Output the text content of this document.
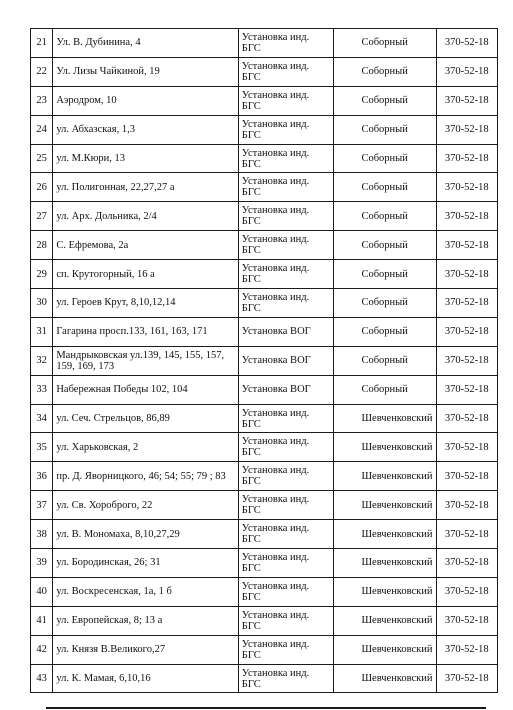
21	Ул. В. Дубинина, 4	Установка инд. БГС	Соборный	370-52-18
22	Ул. Лизы Чайкиной, 19	Установка инд. БГС	Соборный	370-52-18
23	Аэродром, 10	Установка инд. БГС	Соборный	370-52-18
24	ул. Абхазская, 1,3	Установка инд. БГС	Соборный	370-52-18
25	ул. М.Кюри, 13	Установка инд. БГС	Соборный	370-52-18
26	ул. Полигонная, 22,27,27 а	Установка инд. БГС	Соборный	370-52-18
27	ул. Арх. Дольника, 2/4	Установка инд. БГС	Соборный	370-52-18
28	С. Ефремова, 2а	Установка инд. БГС	Соборный	370-52-18
29	сп. Крутогорный, 16 а	Установка инд. БГС	Соборный	370-52-18
30	ул. Героев Крут, 8,10,12,14	Установка инд. БГС	Соборный	370-52-18
31	Гагарина просп.133, 161, 163, 171	Установка ВОГ	Соборный	370-52-18
32	Мандрыковская ул.139, 145, 155, 157, 159, 169, 173	Установка ВОГ	Соборный	370-52-18
33	Набережная Победы 102, 104	Установка ВОГ	Соборный	370-52-18
34	ул. Сеч. Стрельцов, 86,89	Установка инд. БГС	Шевченковский	370-52-18
35	ул. Харьковская, 2	Установка инд. БГС	Шевченковский	370-52-18
36	пр. Д. Яворницкого, 46; 54; 55; 79 ; 83	Установка инд. БГС	Шевченковский	370-52-18
37	ул. Св. Хороброго, 22	Установка инд. БГС	Шевченковский	370-52-18
38	ул. В. Мономаха, 8,10,27,29	Установка инд. БГС	Шевченковский	370-52-18
39	ул. Бородинская, 26; 31	Установка инд. БГС	Шевченковский	370-52-18
40	ул. Воскресенская, 1а, 1 б	Установка инд. БГС	Шевченковский	370-52-18
41	ул. Европейская, 8; 13 а	Установка инд. БГС	Шевченковский	370-52-18
42	ул. Князя В.Великого,27	Установка инд. БГС	Шевченковский	370-52-18
43	ул. К. Мамая, 6,10,16	Установка инд. БГС	Шевченковский	370-52-18
